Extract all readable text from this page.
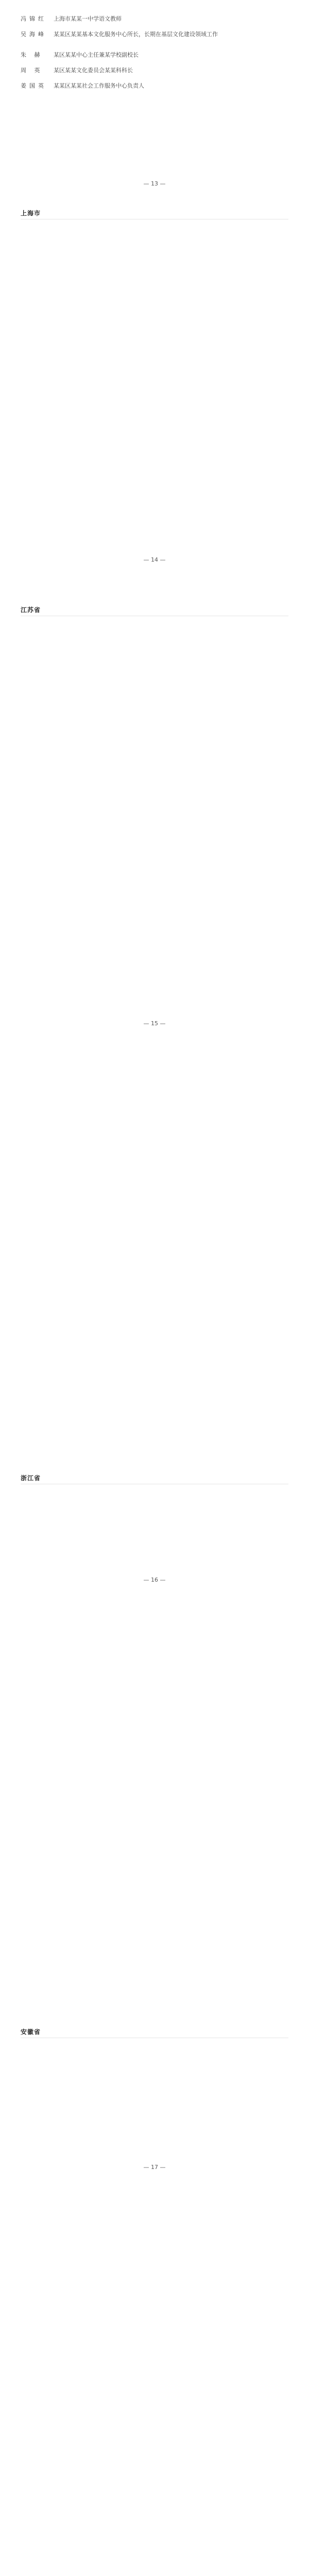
冯锦红	上海市某某一中学语文教师
吴海峰	某某区某某基本文化服务中心所长，长期在基层文化建设领域工作
朱 赫	某区某某中心主任兼某学校副校长
周 英	某区某某文化委员会某某科科长
姜国英	某某区某某社会工作服务中心负责人
— 13 —
上海市
— 14 —
江苏省
— 15 —
浙江省
— 16 —
安徽省
— 17 —
